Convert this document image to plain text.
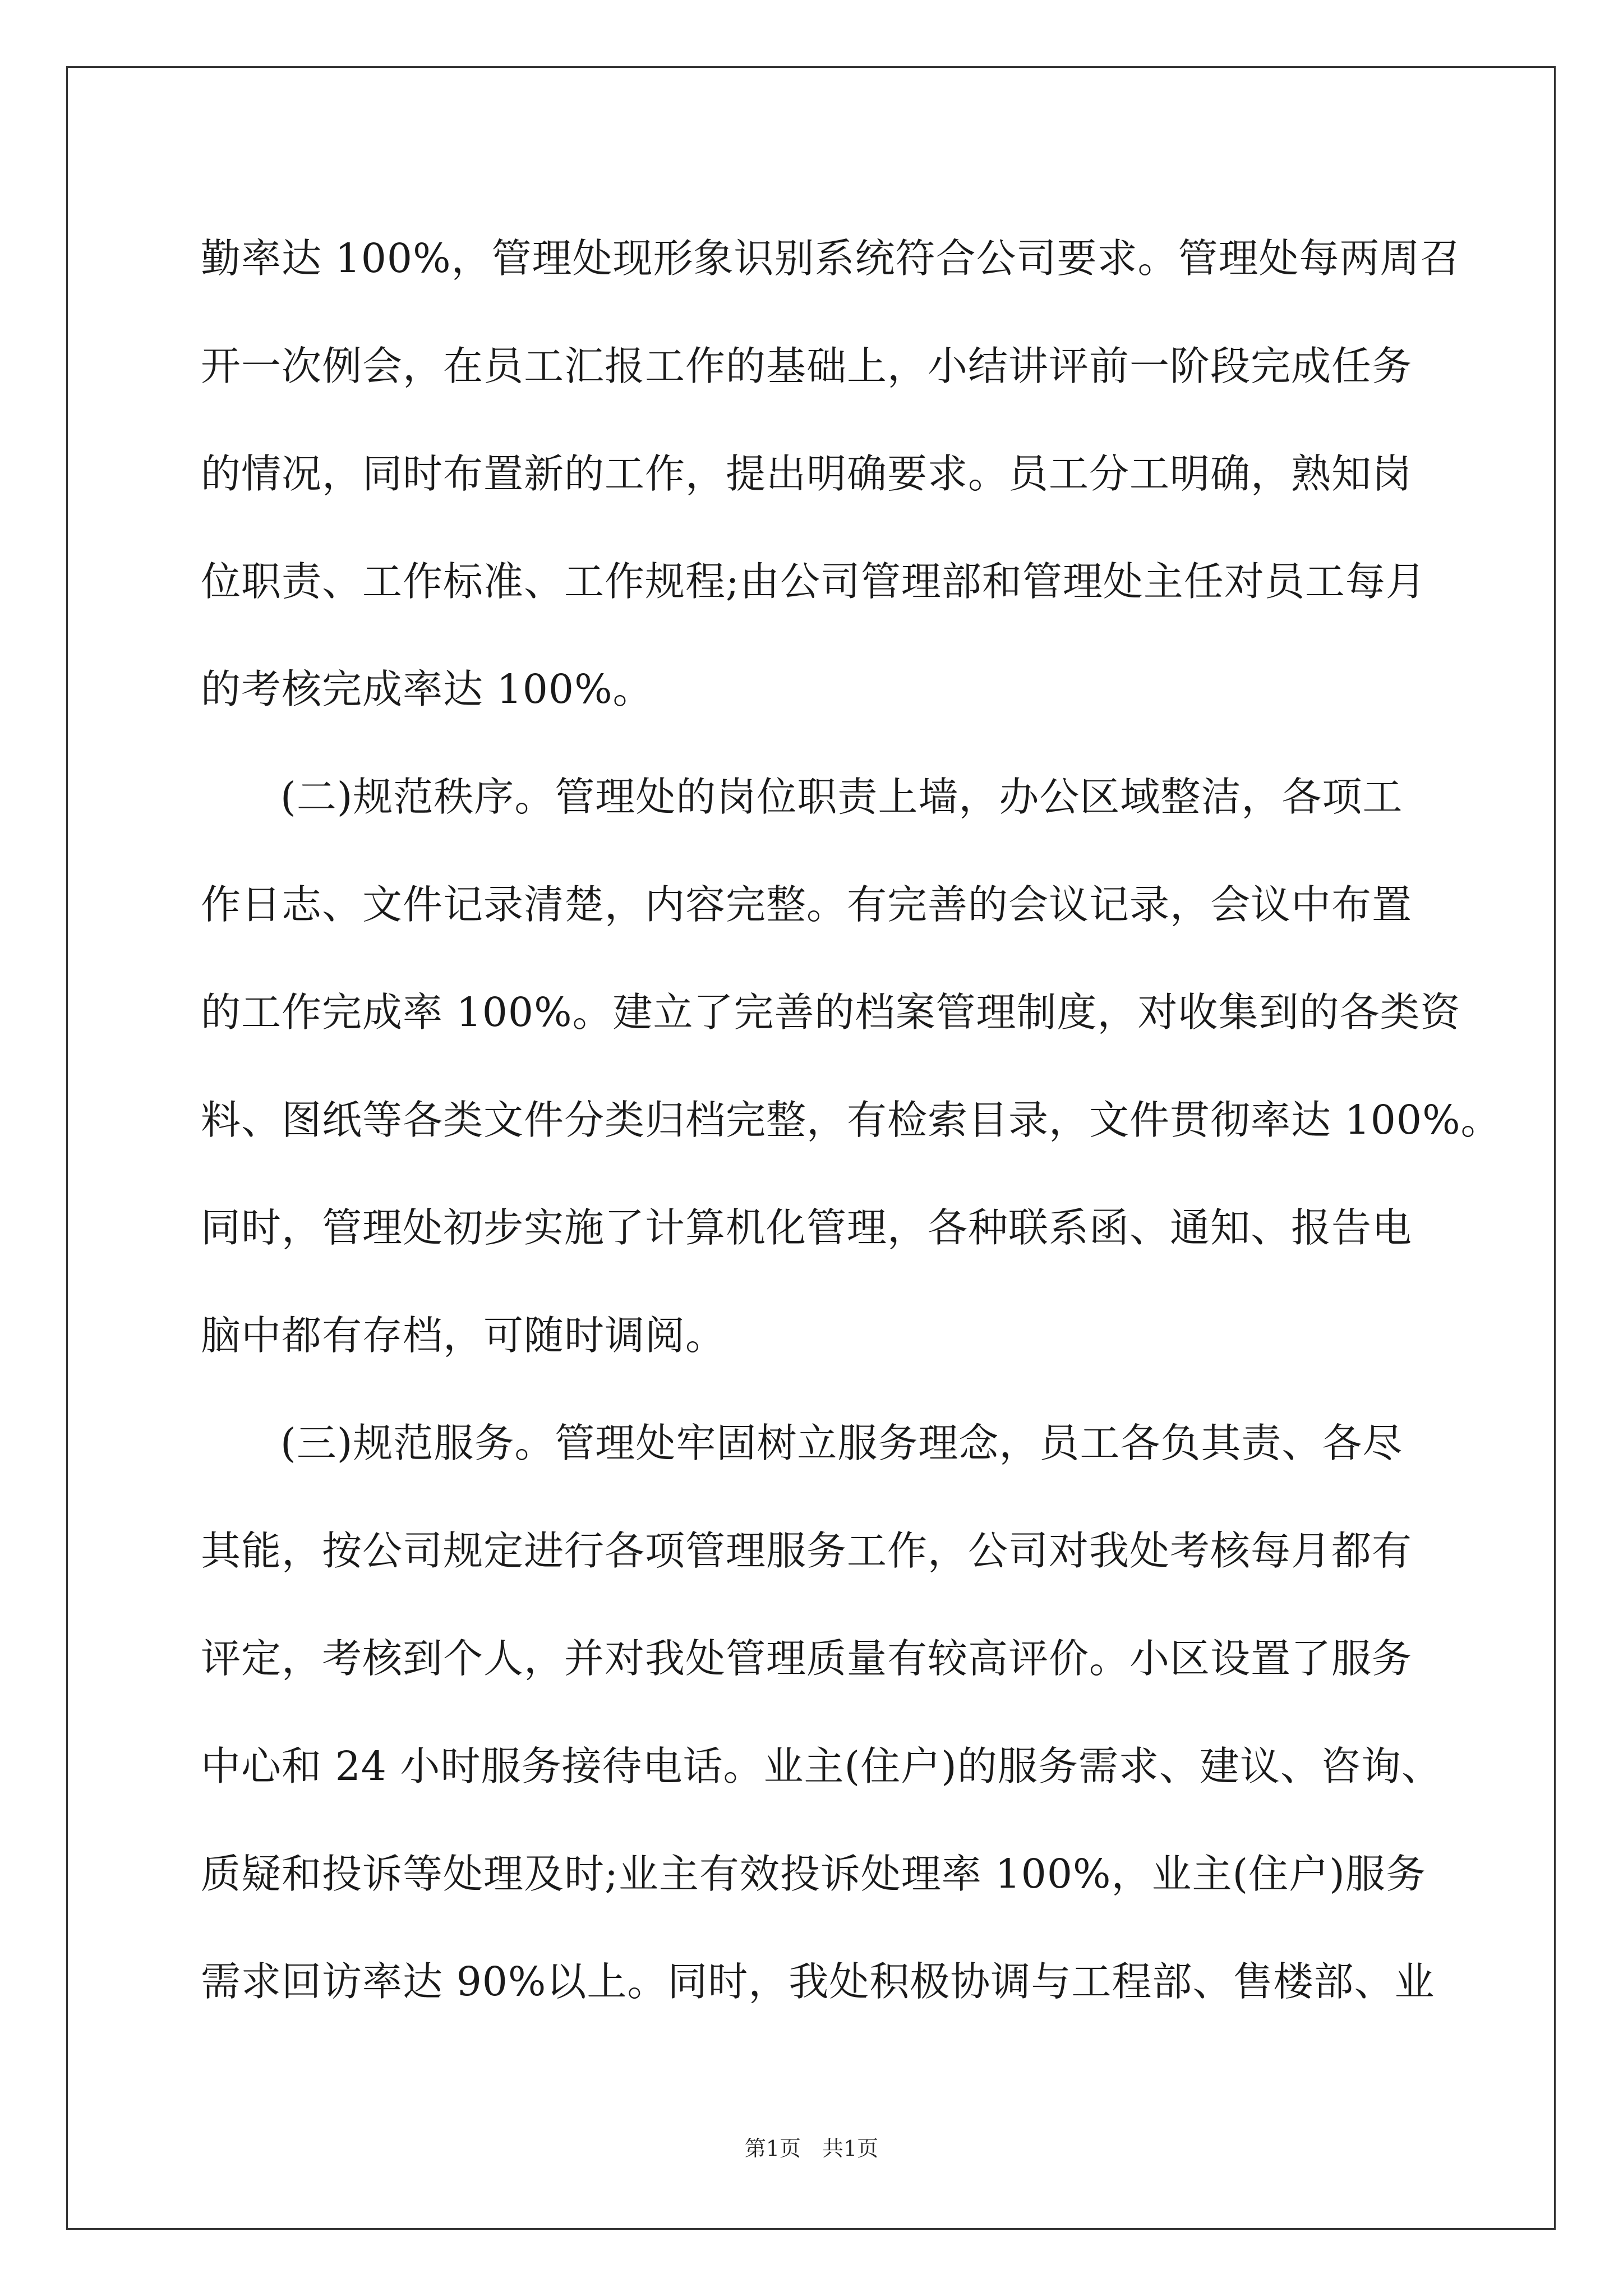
勤率达 100%，管理处现形象识别系统符合公司要求。管理处每两周召
开一次例会，在员工汇报工作的基础上，小结讲评前一阶段完成任务
的情况，同时布置新的工作，提出明确要求。员工分工明确，熟知岗
位职责、工作标准、工作规程;由公司管理部和管理处主任对员工每月
的考核完成率达 100%。
(二)规范秩序。管理处的岗位职责上墙，办公区域整洁，各项工
作日志、文件记录清楚，内容完整。有完善的会议记录，会议中布置
的工作完成率 100%。建立了完善的档案管理制度，对收集到的各类资
料、图纸等各类文件分类归档完整，有检索目录，文件贯彻率达 100%。
同时，管理处初步实施了计算机化管理，各种联系函、通知、报告电
脑中都有存档，可随时调阅。
(三)规范服务。管理处牢固树立服务理念，员工各负其责、各尽
其能，按公司规定进行各项管理服务工作，公司对我处考核每月都有
评定，考核到个人，并对我处管理质量有较高评价。小区设置了服务
中心和 24 小时服务接待电话。业主(住户)的服务需求、建议、咨询、
质疑和投诉等处理及时;业主有效投诉处理率 100%，业主(住户)服务
需求回访率达 90%以上。同时，我处积极协调与工程部、售楼部、业
第1页　共1页
